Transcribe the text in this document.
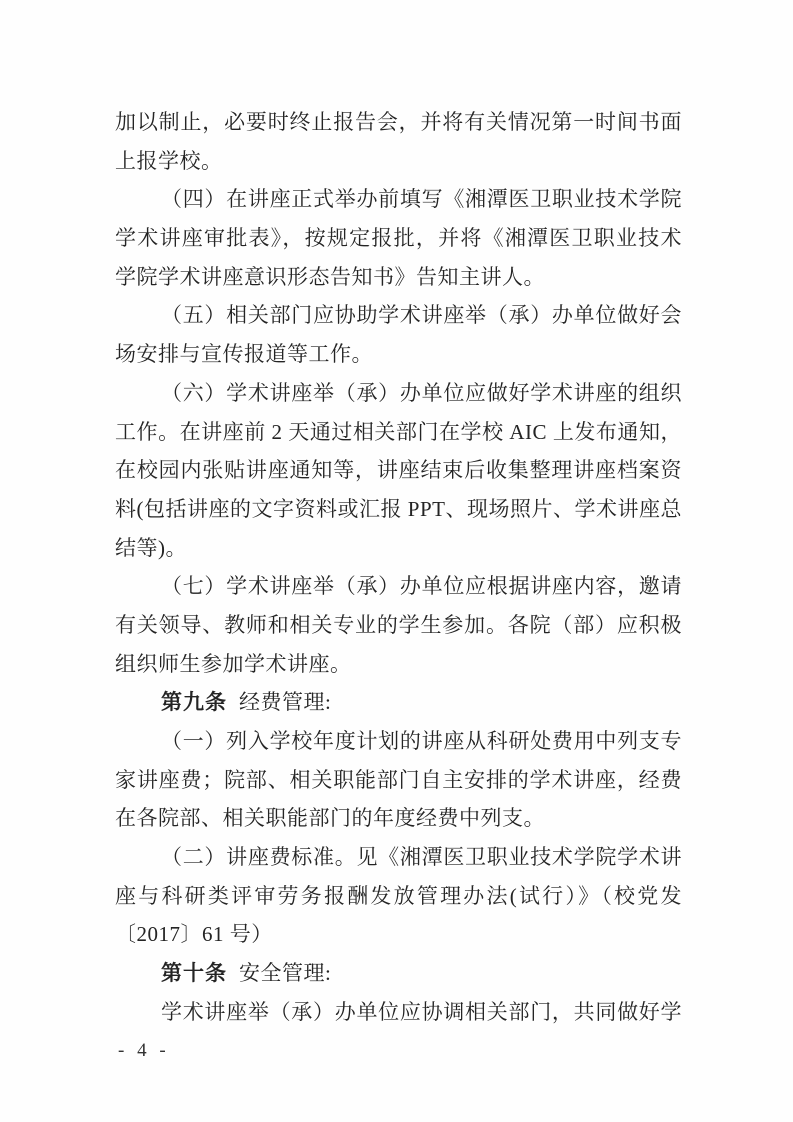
加以制止，必要时终止报告会，并将有关情况第一时间书面
上报学校。
（四）在讲座正式举办前填写《湘潭医卫职业技术学院
学术讲座审批表》，按规定报批，并将《湘潭医卫职业技术
学院学术讲座意识形态告知书》告知主讲人。
（五）相关部门应协助学术讲座举（承）办单位做好会
场安排与宣传报道等工作。
（六）学术讲座举（承）办单位应做好学术讲座的组织
工作。在讲座前 2 天通过相关部门在学校 AIC 上发布通知，
在校园内张贴讲座通知等，讲座结束后收集整理讲座档案资
料(包括讲座的文字资料或汇报 PPT、现场照片、学术讲座总
结等)。
（七）学术讲座举（承）办单位应根据讲座内容，邀请
有关领导、教师和相关专业的学生参加。各院（部）应积极
组织师生参加学术讲座。
第九条 经费管理:
（一）列入学校年度计划的讲座从科研处费用中列支专
家讲座费；院部、相关职能部门自主安排的学术讲座，经费
在各院部、相关职能部门的年度经费中列支。
（二）讲座费标准。见《湘潭医卫职业技术学院学术讲
座与科研类评审劳务报酬发放管理办法(试行）》（校党发
〔2017〕61 号）
第十条 安全管理:
学术讲座举（承）办单位应协调相关部门，共同做好学
- 4 -
